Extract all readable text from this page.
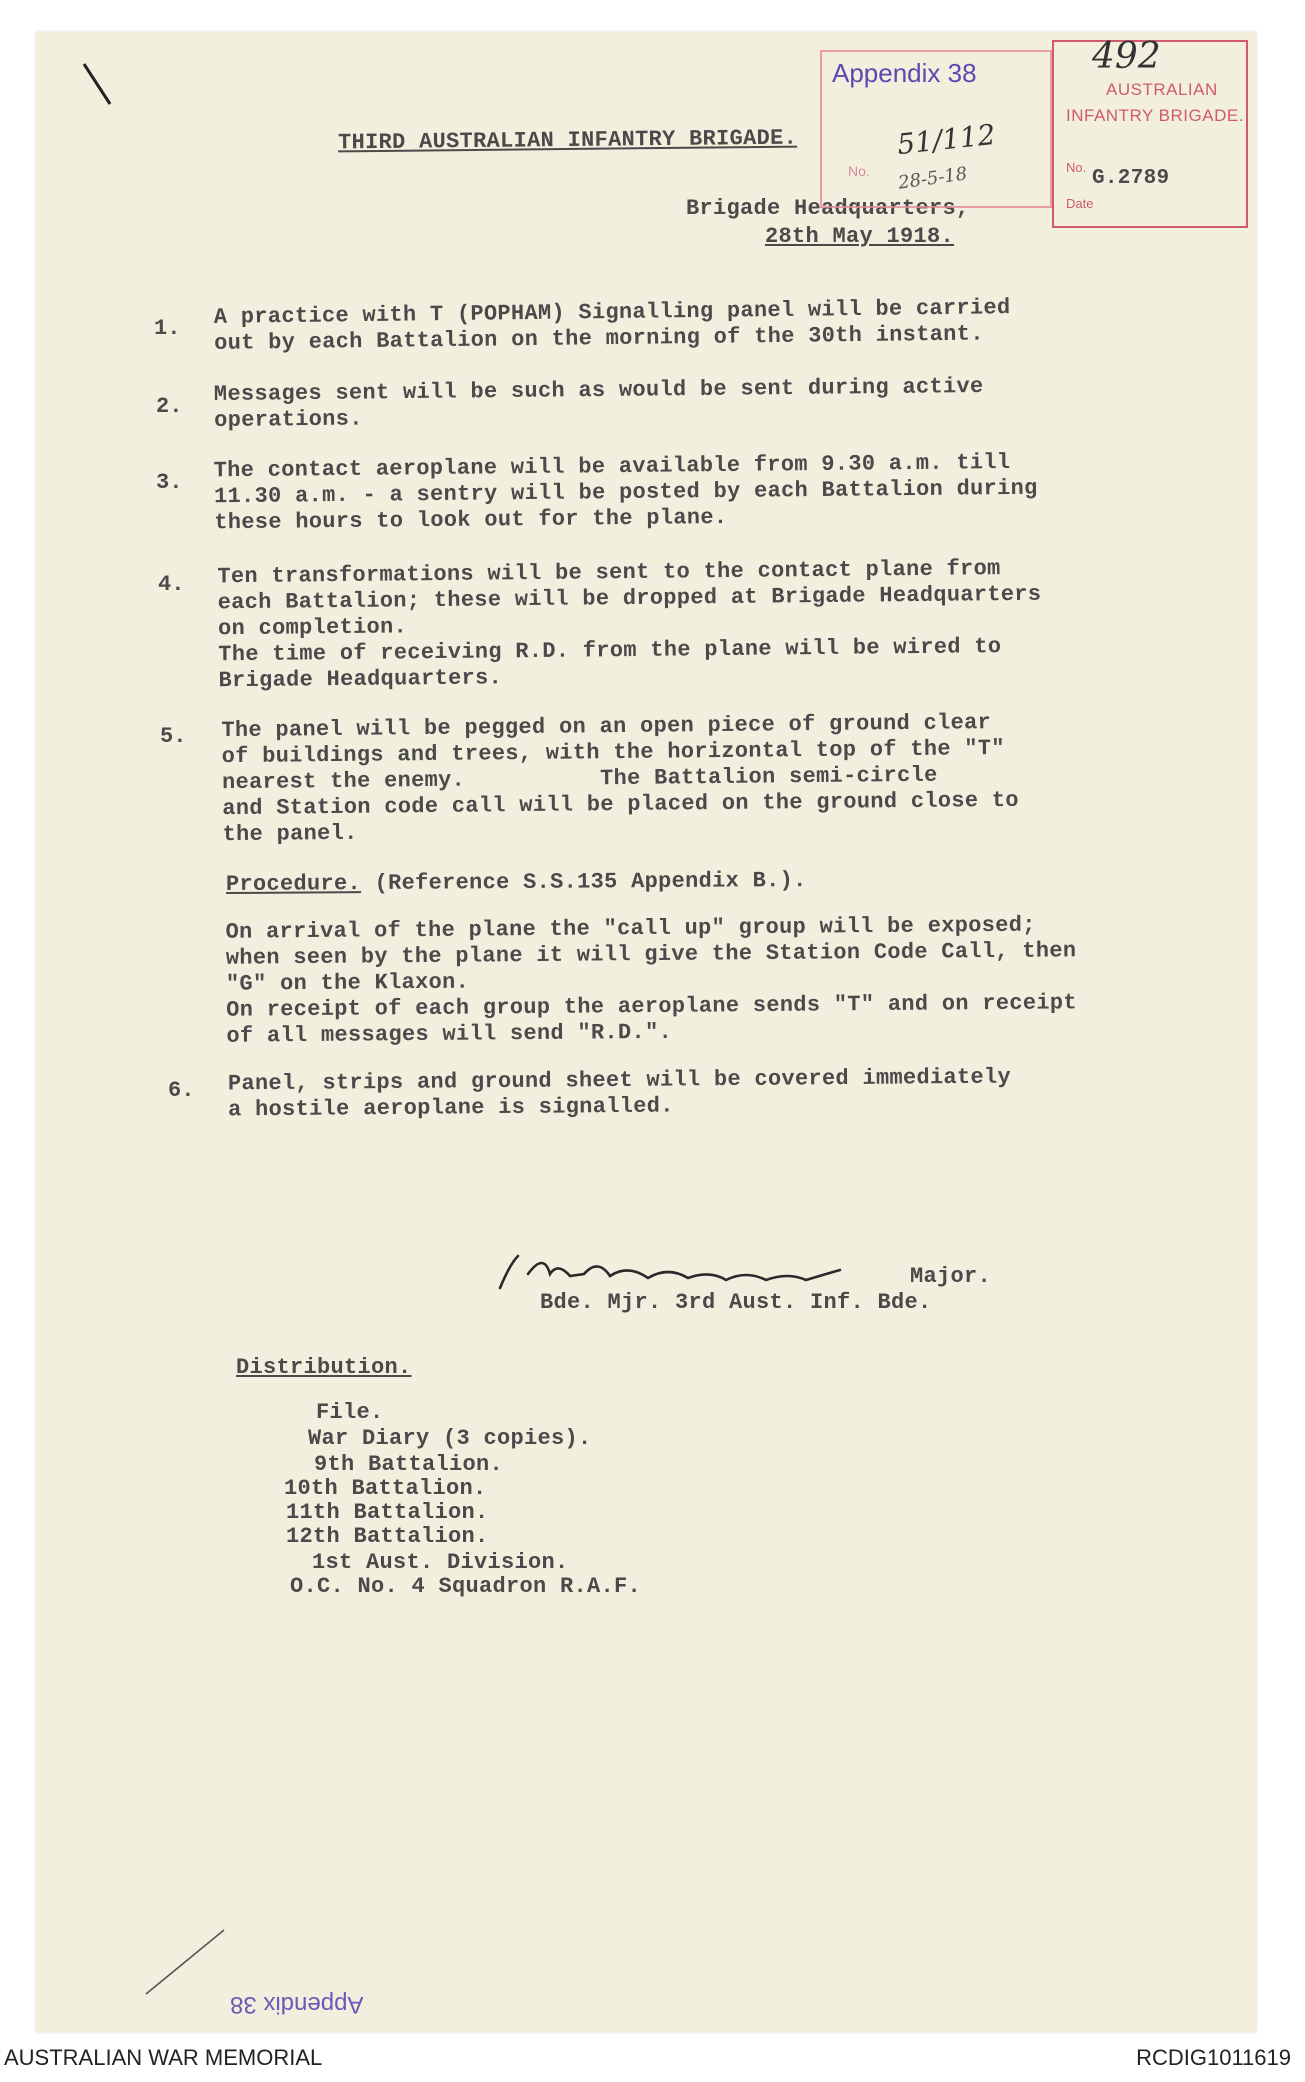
THIRD AUSTRALIAN INFANTRY BRIGADE.
Brigade Headquarters,
28th May 1918.
Appendix 38
51/112
28-5-18
No.
492
AUSTRALIAN
INFANTRY BRIGADE.
No. G.2789
Date
1. A practice with T (POPHAM) Signalling panel will be carried
out by each Battalion on the morning of the 30th instant.
2. Messages sent will be such as would be sent during active
operations.
3. The contact aeroplane will be available from 9.30 a.m. till
11.30 a.m. - a sentry will be posted by each Battalion during
these hours to look out for the plane.
4. Ten transformations will be sent to the contact plane from
each Battalion; these will be dropped at Brigade Headquarters
on completion.
The time of receiving R.D. from the plane will be wired to
Brigade Headquarters.
5. The panel will be pegged on an open piece of ground clear
of buildings and trees, with the horizontal top of the "T"
nearest the enemy.          The Battalion semi-circle
and Station code call will be placed on the ground close to
the panel.
Procedure. (Reference S.S.135 Appendix B.).
On arrival of the plane the "call up" group will be exposed;
when seen by the plane it will give the Station Code Call, then
"G" on the Klaxon.
On receipt of each group the aeroplane sends "T" and on receipt
of all messages will send "R.D.".
6. Panel, strips and ground sheet will be covered immediately
a hostile aeroplane is signalled.
Major.
Bde. Mjr. 3rd Aust. Inf. Bde.
Distribution.
File.
War Diary (3 copies).
9th Battalion.
10th Battalion.
11th Battalion.
12th Battalion.
1st Aust. Division.
O.C. No. 4 Squadron R.A.F.
Appendix 38
AUSTRALIAN WAR MEMORIAL	RCDIG1011619
